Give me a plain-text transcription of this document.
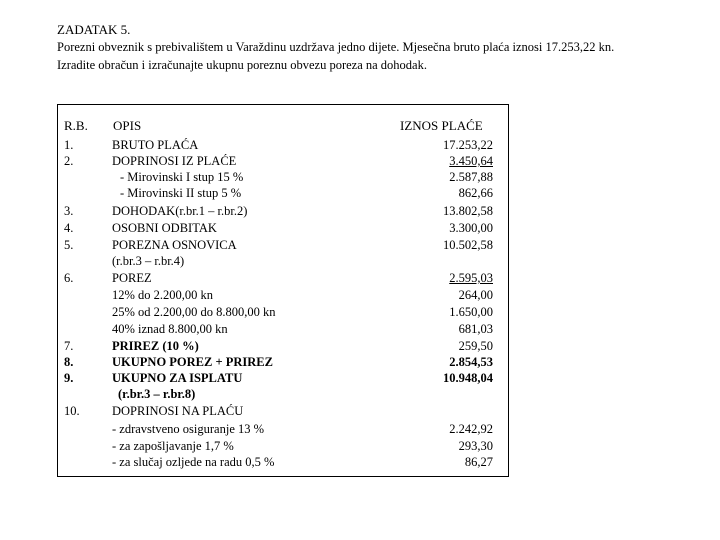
ZADATAK 5.
Porezni obveznik s prebivalištem u Varaždinu uzdržava jedno dijete. Mjesečna bruto plaća iznosi 17.253,22 kn.
Izradite obračun i izračunajte ukupnu poreznu obvezu poreza na dohodak.
R.B. OPIS	IZNOS PLAĆE
1.	BRUTO PLAĆA	17.253,22
2.	DOPRINOSI IZ PLAĆE	3.450,64
- Mirovinski I stup 15 %	2.587,88
- Mirovinski II stup 5 %	862,66
3.	DOHODAK(r.br.1 – r.br.2)	13.802,58
4.	OSOBNI ODBITAK	3.300,00
5.	POREZNA OSNOVICA	10.502,58
(r.br.3 – r.br.4)
6.	POREZ	2.595,03
12% do 2.200,00 kn	264,00
25% od 2.200,00 do 8.800,00 kn	1.650,00
40% iznad 8.800,00 kn	681,03
7.	PRIREZ (10 %)	259,50
8.	UKUPNO POREZ + PRIREZ	2.854,53
9.	UKUPNO ZA ISPLATU	10.948,04
(r.br.3 – r.br.8)
10.	DOPRINOSI NA PLAĆU
- zdravstveno osiguranje 13 %	2.242,92
- za zapošljavanje 1,7 %	293,30
- za slučaj ozljede na radu 0,5 %	86,27
